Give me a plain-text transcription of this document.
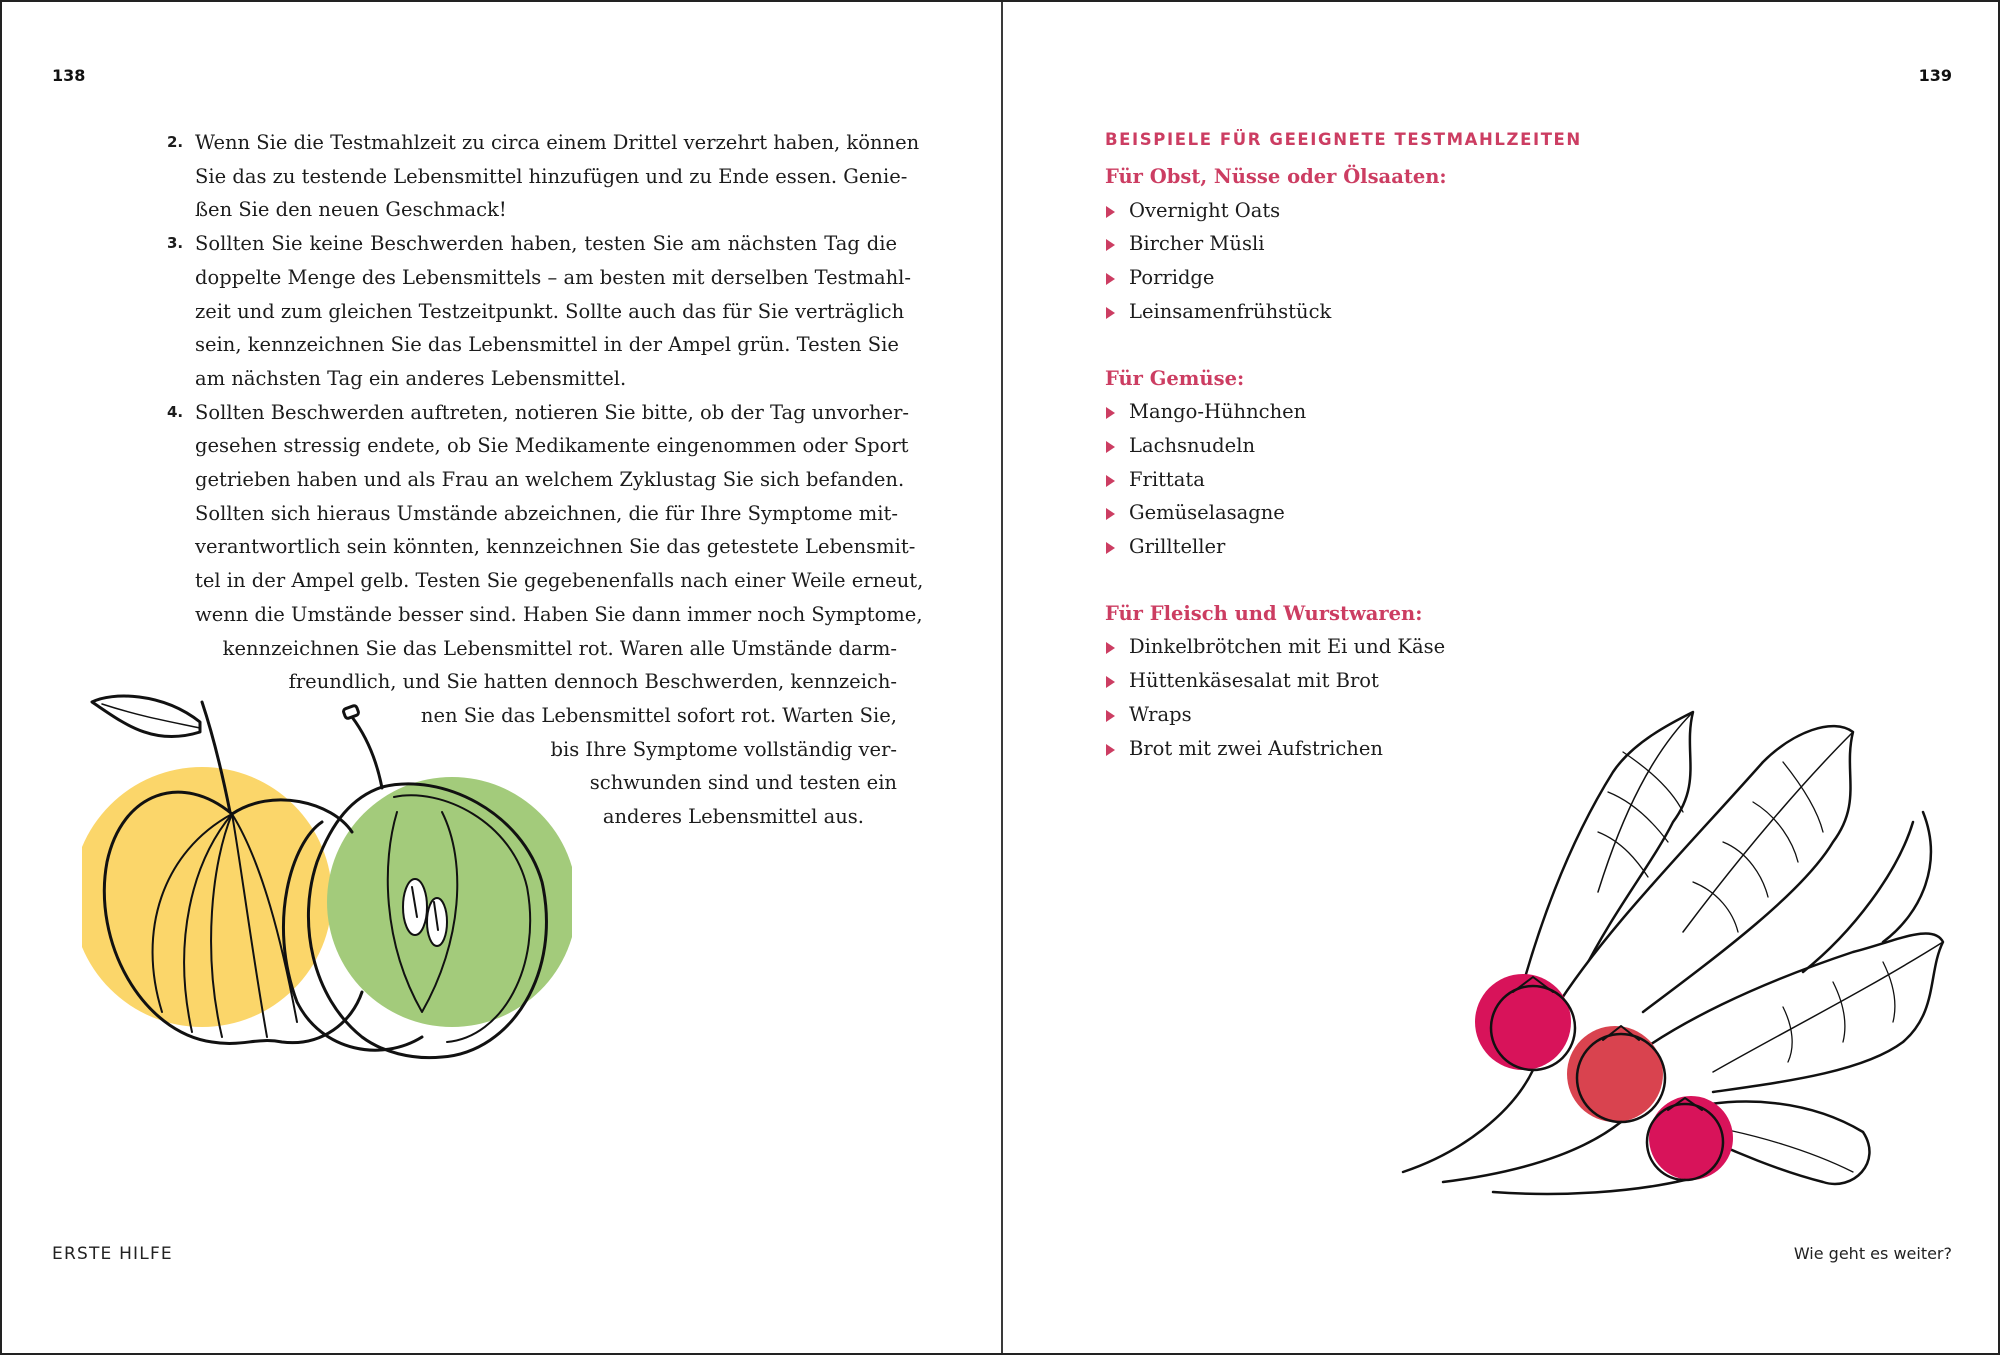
138
2. Wenn Sie die Testmahlzeit zu circa einem Drittel verzehrt haben, können
Sie das zu testende Lebensmittel hinzufügen und zu Ende essen. Genie-
ßen Sie den neuen Geschmack!
3. Sollten Sie keine Beschwerden haben, testen Sie am nächsten Tag die
doppelte Menge des Lebensmittels – am besten mit derselben Testmahl-
zeit und zum gleichen Testzeitpunkt. Sollte auch das für Sie verträglich
sein, kennzeichnen Sie das Lebensmittel in der Ampel grün. Testen Sie
am nächsten Tag ein anderes Lebensmittel.
4. Sollten Beschwerden auftreten, notieren Sie bitte, ob der Tag unvorher-
gesehen stressig endete, ob Sie Medikamente eingenommen oder Sport
getrieben haben und als Frau an welchem Zyklustag Sie sich befanden.
Sollten sich hieraus Umstände abzeichnen, die für Ihre Symptome mit-
verantwortlich sein könnten, kennzeichnen Sie das getestete Lebensmit-
tel in der Ampel gelb. Testen Sie gegebenenfalls nach einer Weile erneut,
wenn die Umstände besser sind. Haben Sie dann immer noch Symptome,
kennzeichnen Sie das Lebensmittel rot. Waren alle Umstände darm-
freundlich, und Sie hatten dennoch Beschwerden, kennzeich-
nen Sie das Lebensmittel sofort rot. Warten Sie,
bis Ihre Symptome vollständig ver-
schwunden sind und testen ein
anderes Lebensmittel aus.
ERSTE HILFE
139
BEISPIELE FÜR GEEIGNETE TESTMAHLZEITEN
Für Obst, Nüsse oder Ölsaaten:
Overnight Oats
Bircher Müsli
Porridge
Leinsamenfrühstück
Für Gemüse:
Mango-Hühnchen
Lachsnudeln
Frittata
Gemüselasagne
Grillteller
Für Fleisch und Wurstwaren:
Dinkelbrötchen mit Ei und Käse
Hüttenkäsesalat mit Brot
Wraps
Brot mit zwei Aufstrichen
Wie geht es weiter?
